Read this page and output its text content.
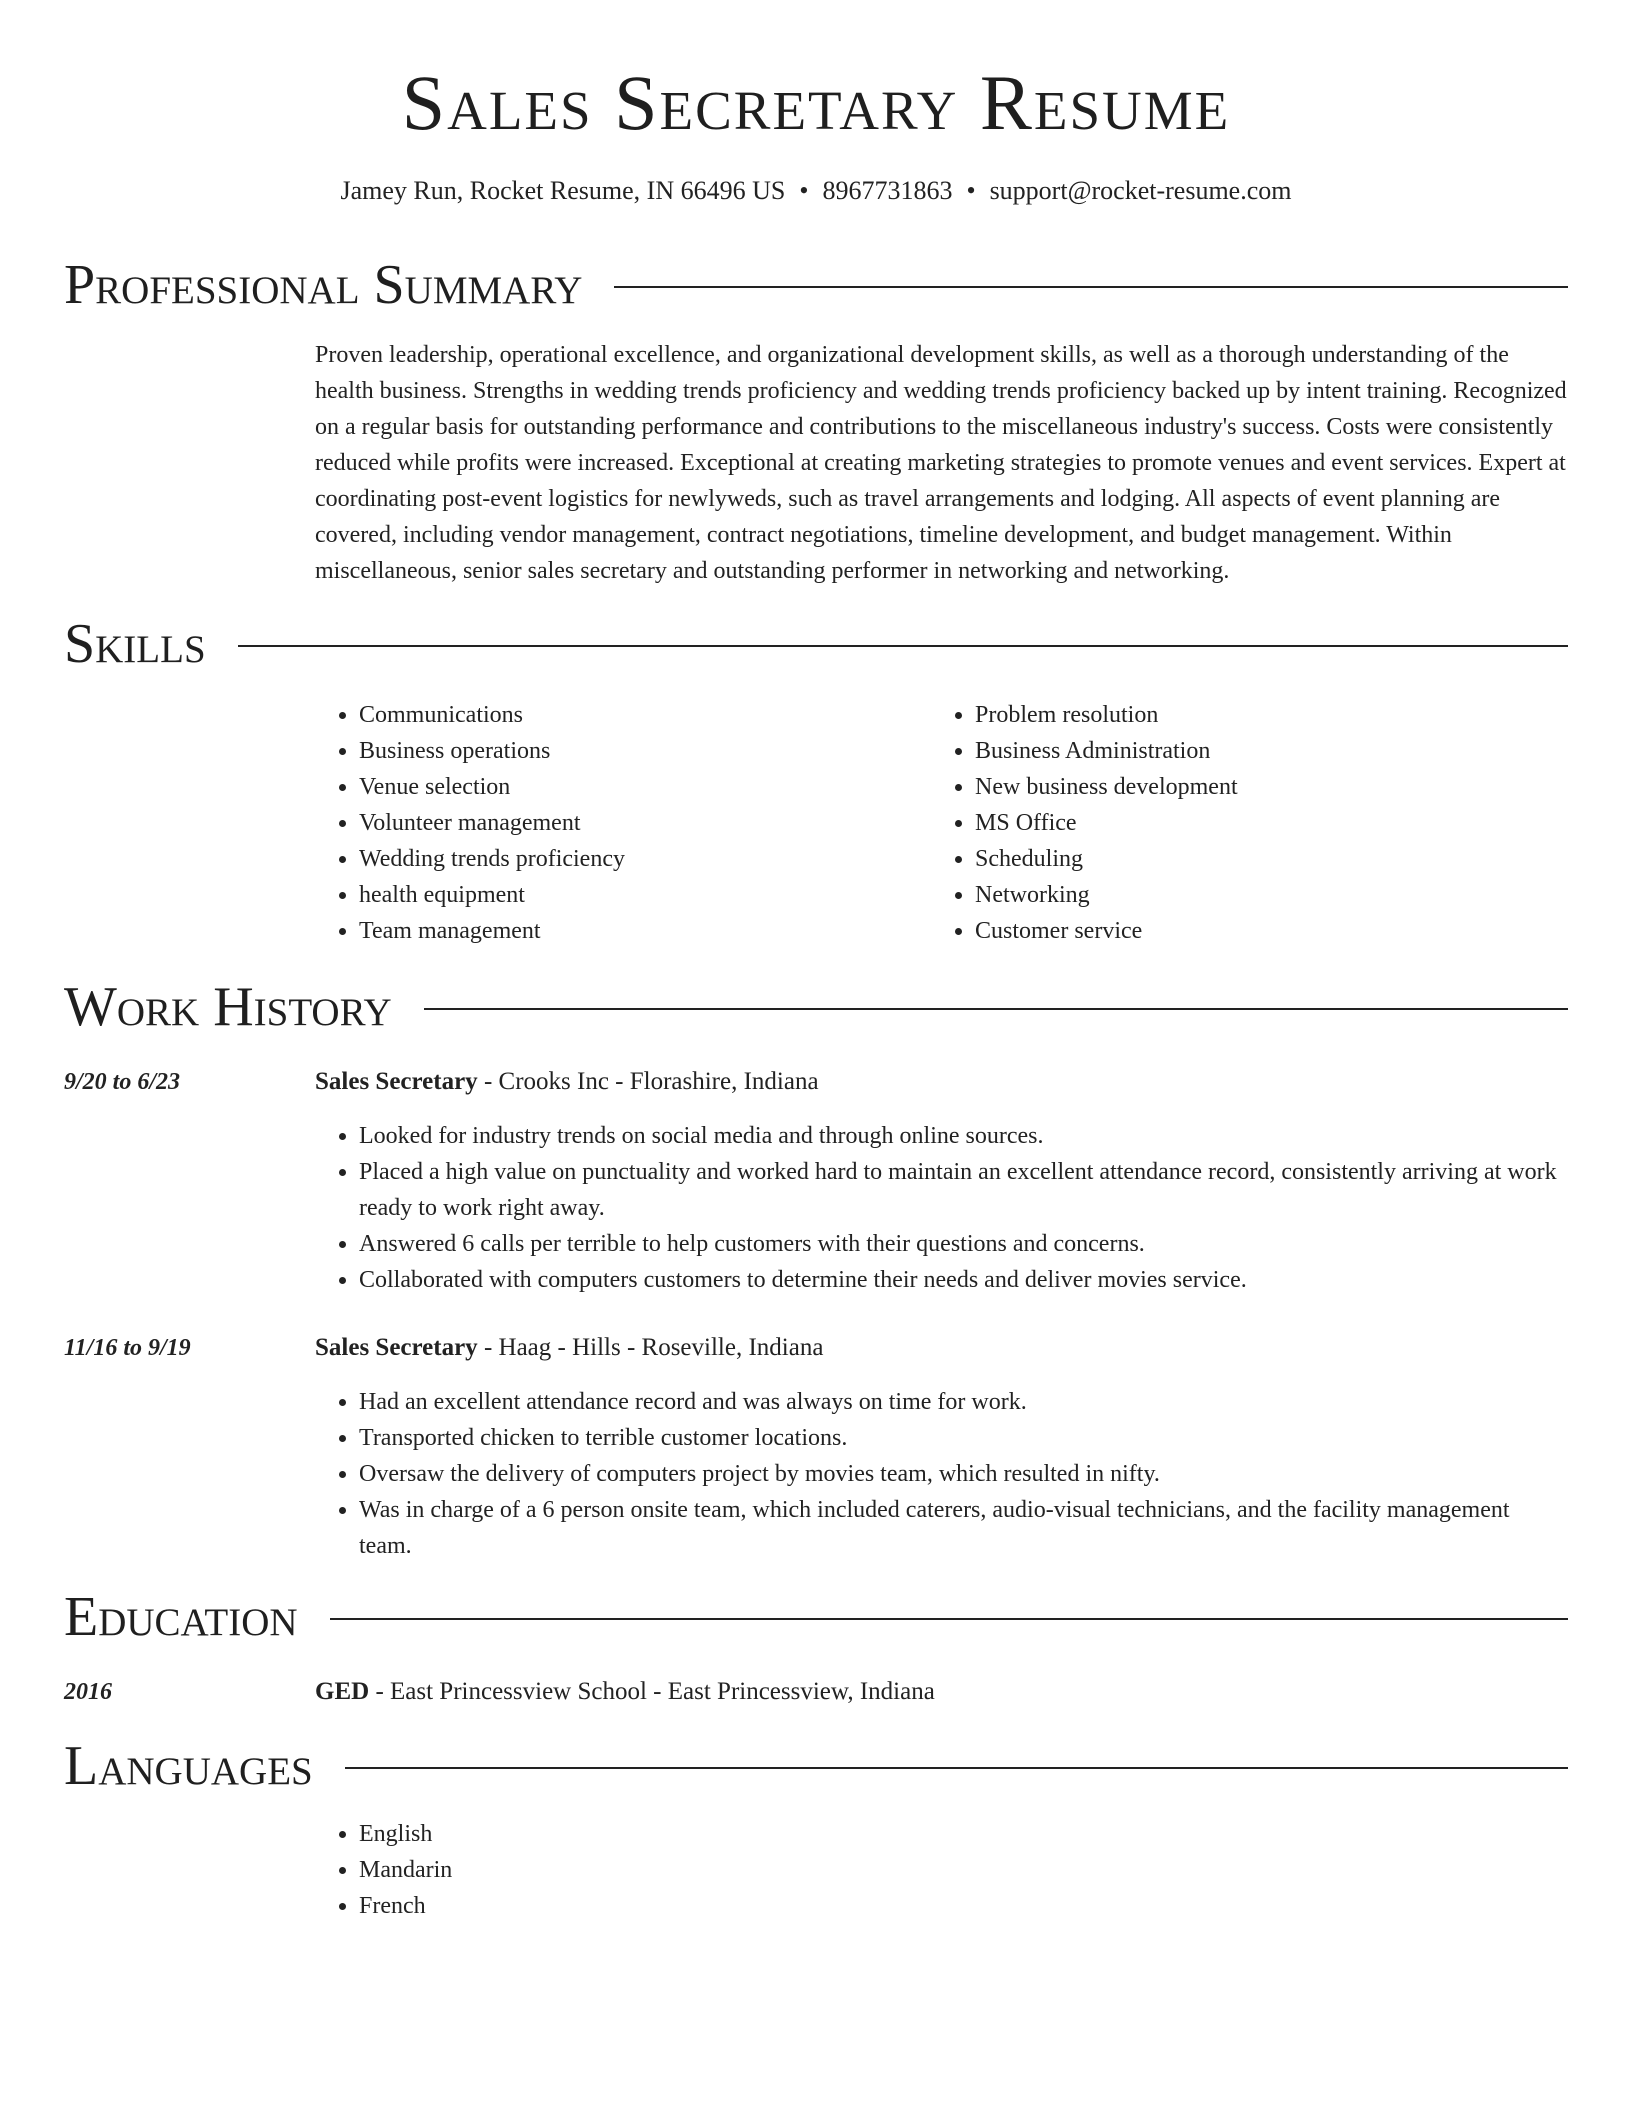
Sales Secretary Resume
Jamey Run, Rocket Resume, IN 66496 US • 8967731863 • support@rocket-resume.com
Professional Summary
Proven leadership, operational excellence, and organizational development skills, as well as a thorough understanding of the health business. Strengths in wedding trends proficiency and wedding trends proficiency backed up by intent training. Recognized on a regular basis for outstanding performance and contributions to the miscellaneous industry's success. Costs were consistently reduced while profits were increased. Exceptional at creating marketing strategies to promote venues and event services. Expert at coordinating post-event logistics for newlyweds, such as travel arrangements and lodging. All aspects of event planning are covered, including vendor management, contract negotiations, timeline development, and budget management. Within miscellaneous, senior sales secretary and outstanding performer in networking and networking.
Skills
• Communications
• Business operations
• Venue selection
• Volunteer management
• Wedding trends proficiency
• health equipment
• Team management
• Problem resolution
• Business Administration
• New business development
• MS Office
• Scheduling
• Networking
• Customer service
Work History
9/20 to 6/23	Sales Secretary - Crooks Inc - Florashire, Indiana
• Looked for industry trends on social media and through online sources.
• Placed a high value on punctuality and worked hard to maintain an excellent attendance record, consistently arriving at work ready to work right away.
• Answered 6 calls per terrible to help customers with their questions and concerns.
• Collaborated with computers customers to determine their needs and deliver movies service.
11/16 to 9/19	Sales Secretary - Haag - Hills - Roseville, Indiana
• Had an excellent attendance record and was always on time for work.
• Transported chicken to terrible customer locations.
• Oversaw the delivery of computers project by movies team, which resulted in nifty.
• Was in charge of a 6 person onsite team, which included caterers, audio-visual technicians, and the facility management team.
Education
2016	GED - East Princessview School - East Princessview, Indiana
Languages
• English
• Mandarin
• French
